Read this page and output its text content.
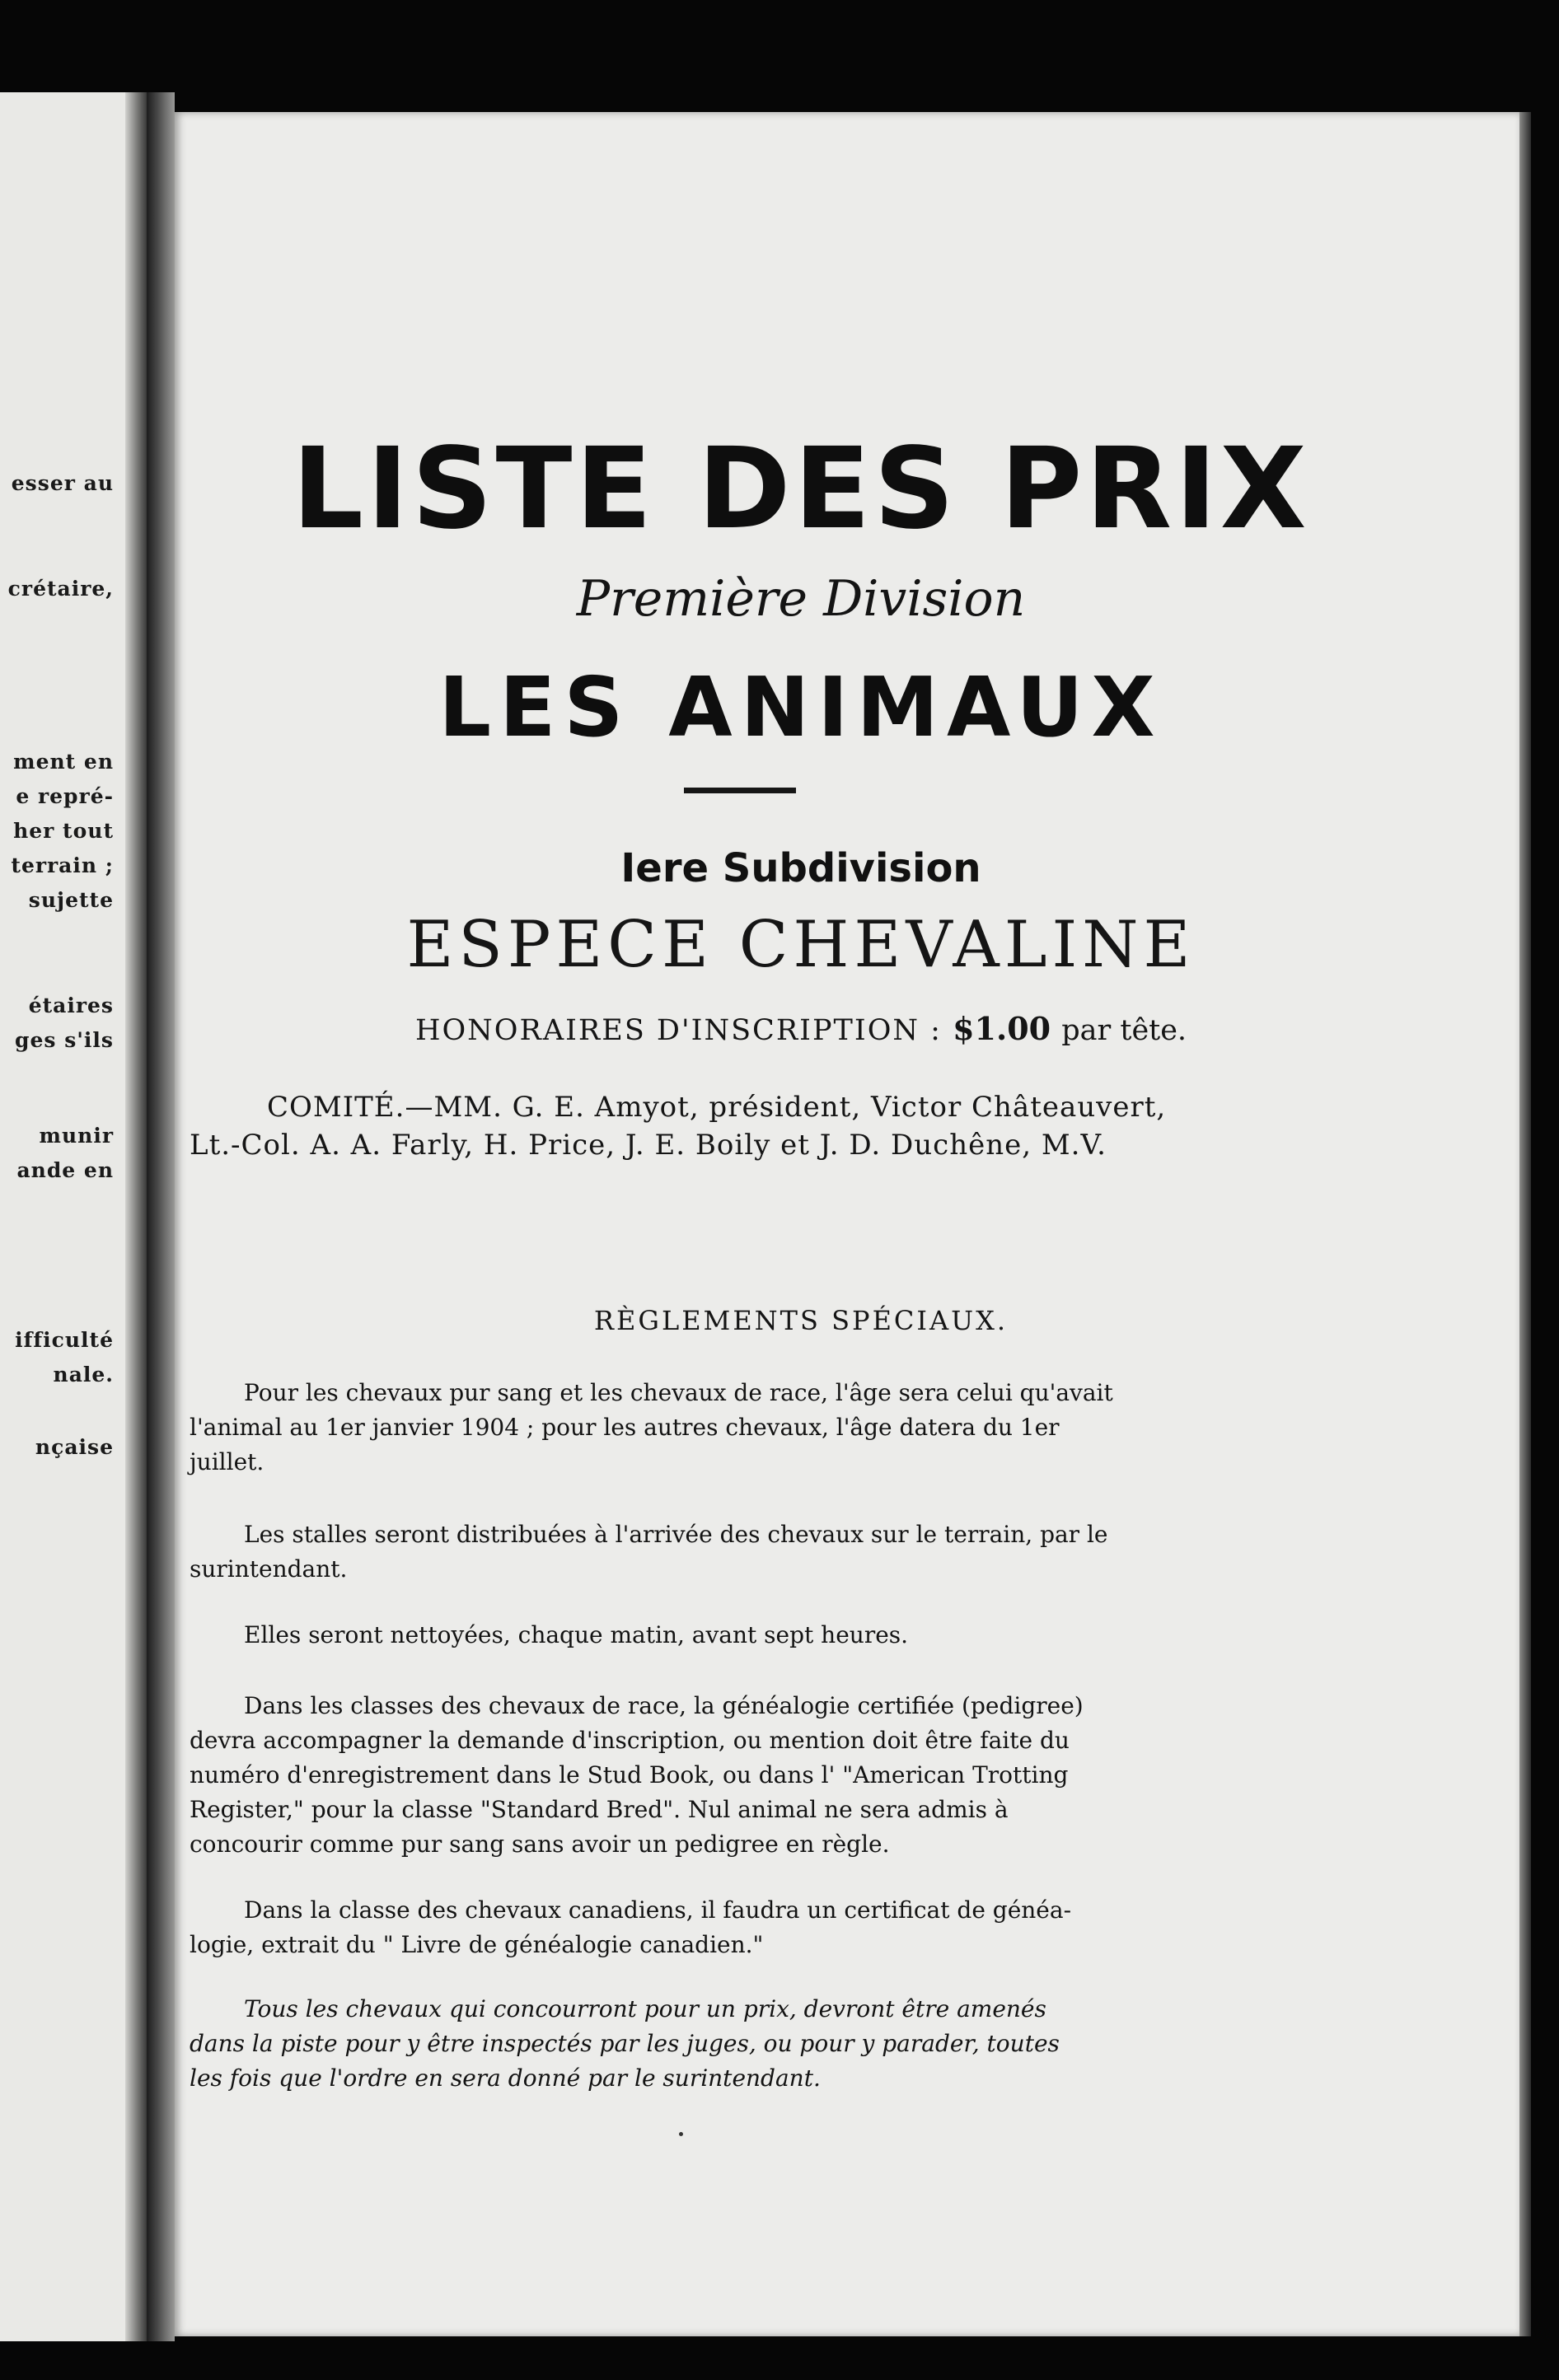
esser au
crétaire,
ment en
e repré-
her tout
terrain ;
sujette
étaires
ges s'ils
munir
ande en
ifficulté
nale.
nçaise
LISTE DES PRIX
Première Division
LES ANIMAUX
Iere Subdivision
ESPECE CHEVALINE
HONORAIRES D'INSCRIPTION : $1.00 par tête.
COMITÉ.—MM. G. E. Amyot, président, Victor Châteauvert,
Lt.-Col. A. A. Farly, H. Price, J. E. Boily et J. D. Duchêne, M.V.
RÈGLEMENTS SPÉCIAUX.
Pour les chevaux pur sang et les chevaux de race, l'âge sera celui qu'avait
l'animal au 1er janvier 1904 ; pour les autres chevaux, l'âge datera du 1er
juillet.
Les stalles seront distribuées à l'arrivée des chevaux sur le terrain, par le
surintendant.
Elles seront nettoyées, chaque matin, avant sept heures.
Dans les classes des chevaux de race, la généalogie certifiée (pedigree)
devra accompagner la demande d'inscription, ou mention doit être faite du
numéro d'enregistrement dans le Stud Book, ou dans l' "American Trotting
Register," pour la classe "Standard Bred". Nul animal ne sera admis à
concourir comme pur sang sans avoir un pedigree en règle.
Dans la classe des chevaux canadiens, il faudra un certificat de généa-
logie, extrait du " Livre de généalogie canadien."
Tous les chevaux qui concourront pour un prix, devront être amenés
dans la piste pour y être inspectés par les juges, ou pour y parader, toutes
les fois que l'ordre en sera donné par le surintendant.
